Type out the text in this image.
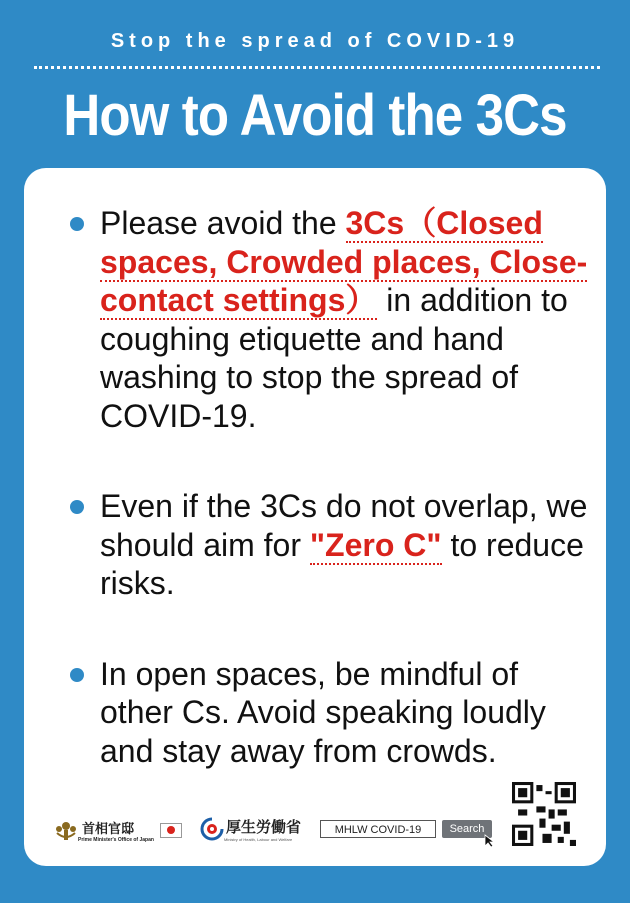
Stop the spread of COVID-19
How to Avoid the 3Cs
Please avoid the 3Cs（Closed spaces, Crowded places, Close-contact settings） in addition to coughing etiquette and hand washing to stop the spread of COVID-19.
Even if the 3Cs do not overlap, we should aim for "Zero C" to reduce risks.
In open spaces, be mindful of other Cs. Avoid speaking loudly and stay away from crowds.
首相官邸
Prime Minister's Office of Japan
厚生労働省
Ministry of Health, Labour and Welfare
MHLW COVID-19	Search
